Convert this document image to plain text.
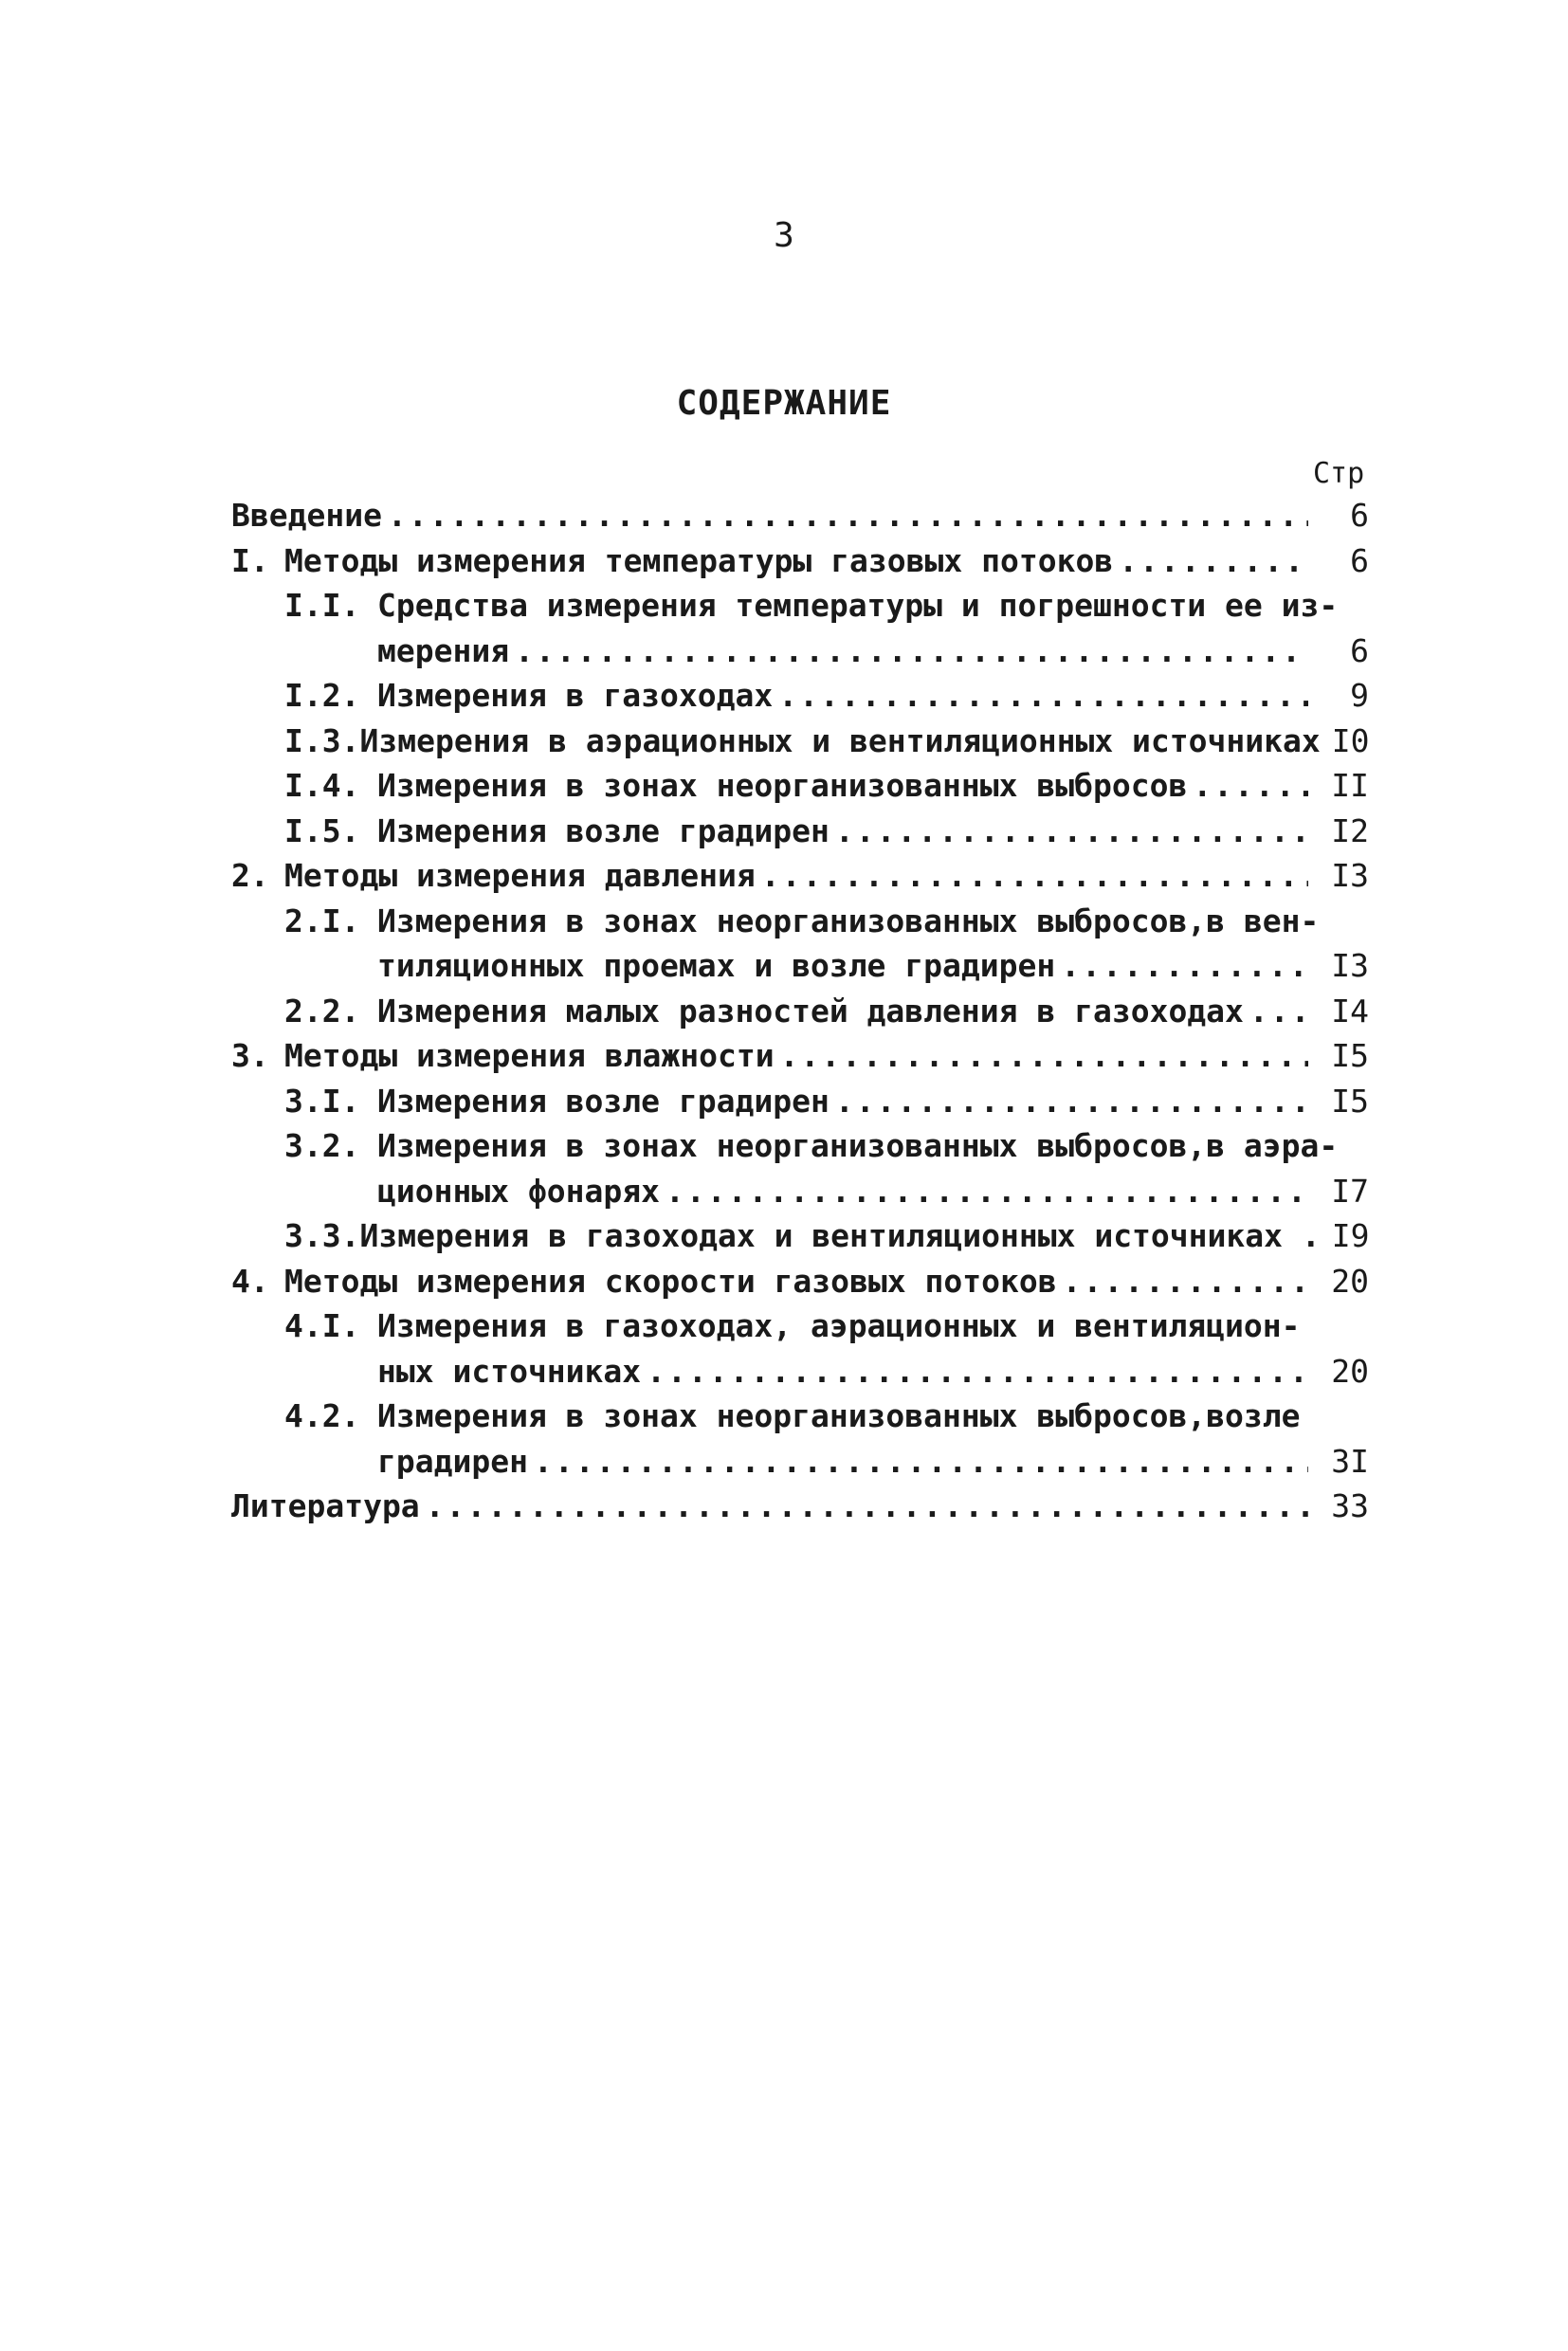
3
СОДЕРЖАНИЕ
Стр
Введение .....	6
I. Методы измерения температуры газовых потоков .....	6
I.I. Средства измерения температуры и погрешности ее из-
мерения .....	6
I.2. Измерения в газоходах .....	9
I.3. Измерения в аэрационных и вентиляционных источниках I0
I.4. Измерения в зонах неорганизованных выбросов .....	II
I.5. Измерения возле градирен .....	I2
2. Методы измерения давления .....	I3
2.I. Измерения в зонах неорганизованных выбросов,в вен-
тиляционных проемах и возле градирен .....	I3
2.2. Измерения малых разностей давления в газоходах .....	I4
3. Методы измерения влажности .....	I5
3.I. Измерения возле градирен .....	I5
3.2. Измерения в зонах неорганизованных выбросов,в аэра-
ционных фонарях .....	I7
3.3. Измерения в газоходах и вентиляционных источниках . I9
4. Методы измерения скорости газовых потоков .....	20
4.I. Измерения в газоходах, аэрационных и вентиляцион-
ных источниках .....	20
4.2. Измерения в зонах неорганизованных выбросов,возле
градирен .....	3I
Литература .....	33
